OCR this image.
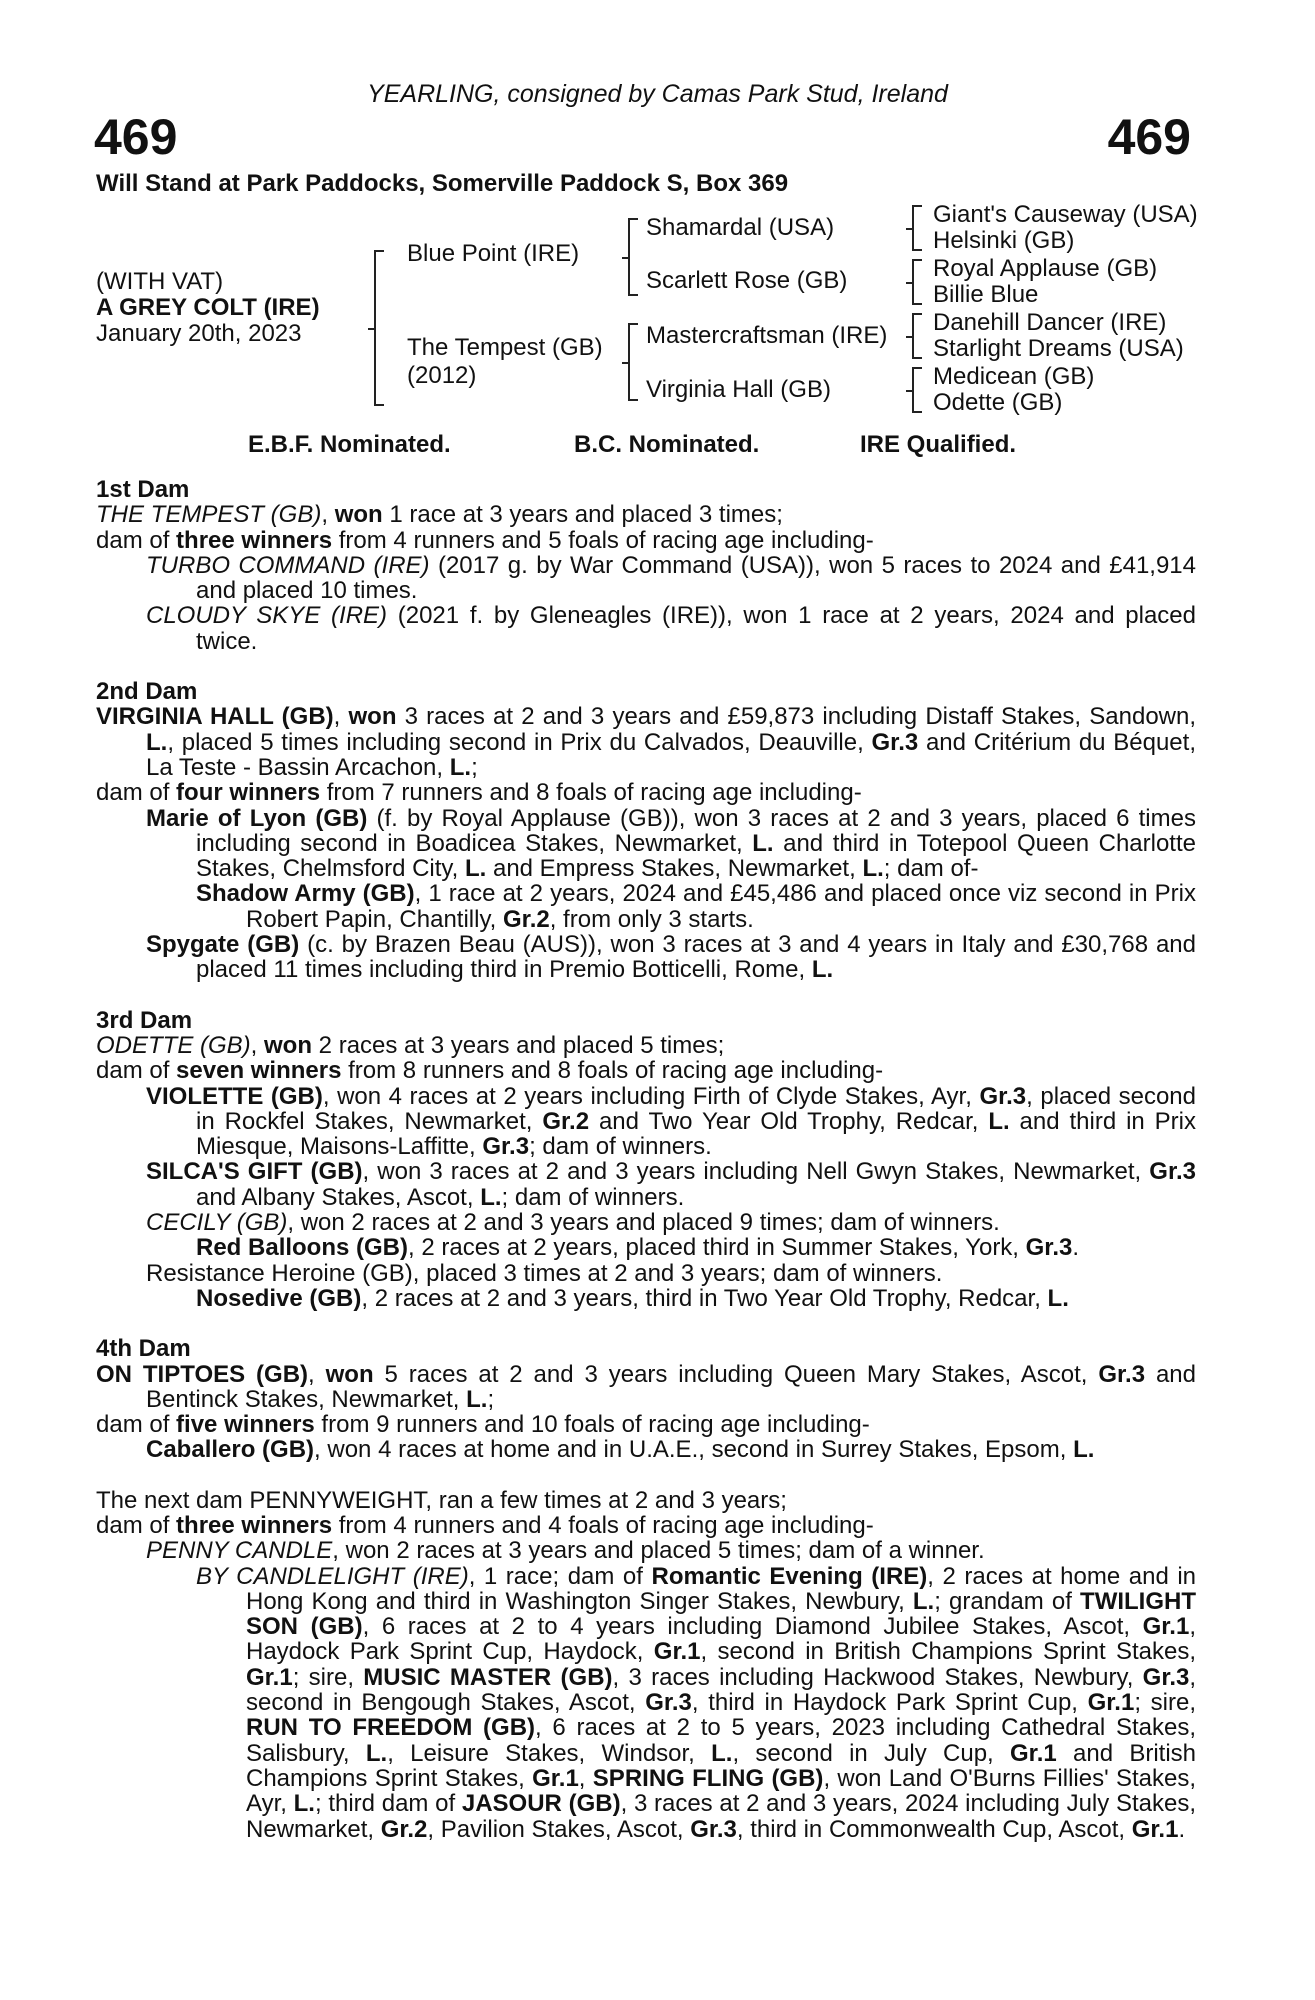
YEARLING, consigned by Camas Park Stud, Ireland
469	469
Will Stand at Park Paddocks, Somerville Paddock S, Box 369
(WITH VAT)
A GREY COLT (IRE)
January 20th, 2023
Blue Point (IRE)
The Tempest (GB)
(2012)
Shamardal (USA)
Scarlett Rose (GB)
Mastercraftsman (IRE)
Virginia Hall (GB)
Giant's Causeway (USA)
Helsinki (GB)
Royal Applause (GB)
Billie Blue
Danehill Dancer (IRE)
Starlight Dreams (USA)
Medicean (GB)
Odette (GB)
E.B.F. Nominated.	B.C. Nominated.	IRE Qualified.

1st Dam

THE TEMPEST (GB), won 1 race at 3 years and placed 3 times;

dam of three winners from 4 runners and 5 foals of racing age including-

TURBO COMMAND (IRE) (2017 g. by War Command (USA)), won 5 races to 2024 and £41,914 and placed 10 times.

CLOUDY SKYE (IRE) (2021 f. by Gleneagles (IRE)), won 1 race at 2 years, 2024 and placed twice.

2nd Dam

VIRGINIA HALL (GB), won 3 races at 2 and 3 years and £59,873 including Distaff Stakes, Sandown, L., placed 5 times including second in Prix du Calvados, Deauville, Gr.3 and Critérium du Béquet, La Teste - Bassin Arcachon, L.;

dam of four winners from 7 runners and 8 foals of racing age including-

Marie of Lyon (GB) (f. by Royal Applause (GB)), won 3 races at 2 and 3 years, placed 6 times including second in Boadicea Stakes, Newmarket, L. and third in Totepool Queen Charlotte Stakes, Chelmsford City, L. and Empress Stakes, Newmarket, L.; dam of-

Shadow Army (GB), 1 race at 2 years, 2024 and £45,486 and placed once viz second in Prix Robert Papin, Chantilly, Gr.2, from only 3 starts.

Spygate (GB) (c. by Brazen Beau (AUS)), won 3 races at 3 and 4 years in Italy and £30,768 and placed 11 times including third in Premio Botticelli, Rome, L.

3rd Dam

ODETTE (GB), won 2 races at 3 years and placed 5 times;

dam of seven winners from 8 runners and 8 foals of racing age including-

VIOLETTE (GB), won 4 races at 2 years including Firth of Clyde Stakes, Ayr, Gr.3, placed second in Rockfel Stakes, Newmarket, Gr.2 and Two Year Old Trophy, Redcar, L. and third in Prix Miesque, Maisons-Laffitte, Gr.3; dam of winners.

SILCA'S GIFT (GB), won 3 races at 2 and 3 years including Nell Gwyn Stakes, Newmarket, Gr.3 and Albany Stakes, Ascot, L.; dam of winners.

CECILY (GB), won 2 races at 2 and 3 years and placed 9 times; dam of winners.

Red Balloons (GB), 2 races at 2 years, placed third in Summer Stakes, York, Gr.3.

Resistance Heroine (GB), placed 3 times at 2 and 3 years; dam of winners.

Nosedive (GB), 2 races at 2 and 3 years, third in Two Year Old Trophy, Redcar, L.

4th Dam

ON TIPTOES (GB), won 5 races at 2 and 3 years including Queen Mary Stakes, Ascot, Gr.3 and Bentinck Stakes, Newmarket, L.;

dam of five winners from 9 runners and 10 foals of racing age including-

Caballero (GB), won 4 races at home and in U.A.E., second in Surrey Stakes, Epsom, L.

The next dam PENNYWEIGHT, ran a few times at 2 and 3 years;

dam of three winners from 4 runners and 4 foals of racing age including-

PENNY CANDLE, won 2 races at 3 years and placed 5 times; dam of a winner.

BY CANDLELIGHT (IRE), 1 race; dam of Romantic Evening (IRE), 2 races at home and in Hong Kong and third in Washington Singer Stakes, Newbury, L.; grandam of TWILIGHT SON (GB), 6 races at 2 to 4 years including Diamond Jubilee Stakes, Ascot, Gr.1, Haydock Park Sprint Cup, Haydock, Gr.1, second in British Champions Sprint Stakes, Gr.1; sire, MUSIC MASTER (GB), 3 races including Hackwood Stakes, Newbury, Gr.3, second in Bengough Stakes, Ascot, Gr.3, third in Haydock Park Sprint Cup, Gr.1; sire, RUN TO FREEDOM (GB), 6 races at 2 to 5 years, 2023 including Cathedral Stakes, Salisbury, L., Leisure Stakes, Windsor, L., second in July Cup, Gr.1 and British Champions Sprint Stakes, Gr.1, SPRING FLING (GB), won Land O'Burns Fillies' Stakes, Ayr, L.; third dam of JASOUR (GB), 3 races at 2 and 3 years, 2024 including July Stakes, Newmarket, Gr.2, Pavilion Stakes, Ascot, Gr.3, third in Commonwealth Cup, Ascot, Gr.1.
